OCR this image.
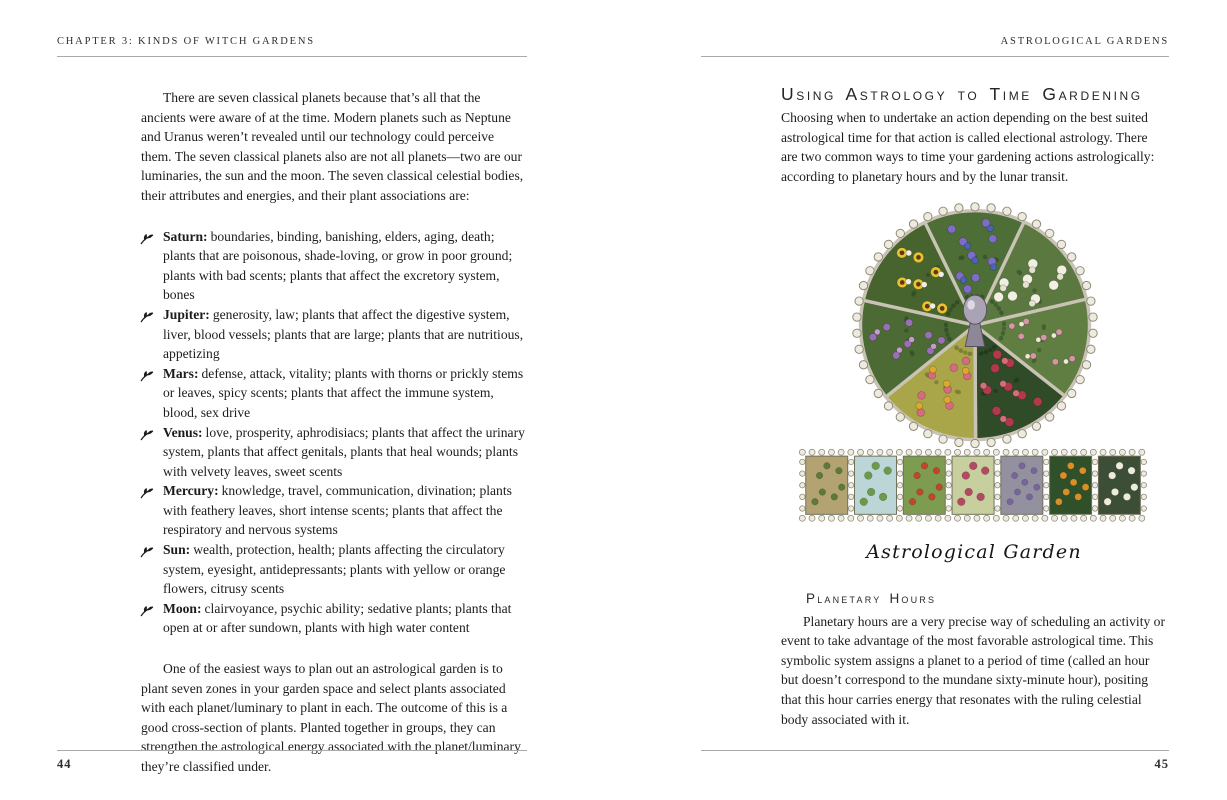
CHAPTER 3: KINDS OF WITCH GARDENS	ASTROLOGICAL GARDENS

There are seven classical planets because that’s all that the ancients were aware of at the time. Modern planets such as Neptune and Uranus weren’t revealed until our technology could perceive them. The seven classical planets also are not all planets—two are our luminaries, the sun and the moon. The seven classical celestial bodies, their attributes and energies, and their plant associations are:

Saturn: boundaries, binding, banishing, elders, aging, death; plants that are poisonous, shade-loving, or grow in poor ground; plants with bad scents; plants that affect the excretory system, bones
Jupiter: generosity, law; plants that affect the digestive system, liver, blood vessels; plants that are large; plants that are nutritious, appetizing
Mars: defense, attack, vitality; plants with thorns or prickly stems or leaves, spicy scents; plants that affect the immune system, blood, sex drive
Venus: love, prosperity, aphrodisiacs; plants that affect the urinary system, plants that affect genitals, plants that heal wounds; plants with velvety leaves, sweet scents
Mercury: knowledge, travel, communication, divination; plants with feathery leaves, short intense scents; plants that affect the respiratory and nervous systems
Sun: wealth, protection, health; plants affecting the circulatory system, eyesight, antidepressants; plants with yellow or orange flowers, citrusy scents
Moon: clairvoyance, psychic ability; sedative plants; plants that open at or after sundown, plants with high water content

One of the easiest ways to plan out an astrological garden is to plant seven zones in your garden space and select plants associated with each planet/luminary to plant in each. The outcome of this is a good cross-section of plants. Planted together in groups, they can strengthen the astrological energy associated with the planet/luminary they’re classified under.

Using Astrology to Time Gardening

Choosing when to undertake an action depending on the best suited astrological time for that action is called electional astrology. There are two common ways to time your gardening actions astrologically: according to planetary hours and by the lunar transit.

Astrological Garden
Planetary Hours

Planetary hours are a very precise way of scheduling an activity or event to take advantage of the most favorable astrological time. This symbolic system assigns a planet to a period of time (called an hour but doesn’t correspond to the mundane sixty-minute hour), positing that this hour carries energy that resonates with the ruling celestial body associated with it.

44	45
